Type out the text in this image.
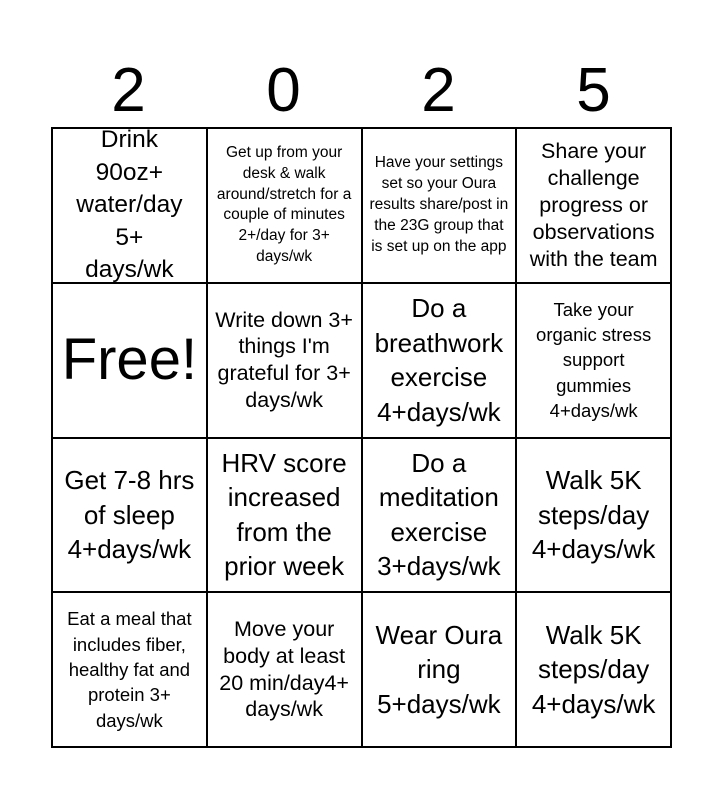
2	0	2	5
Drink 90oz+ water/day 5+ days/wk
Get up from your desk & walk around/stretch for a couple of minutes 2+/day for 3+ days/wk
Have your settings set so your Oura results share/post in the 23G group that is set up on the app
Share your challenge progress or observations with the team
Free!
Write down 3+ things I'm grateful for 3+ days/wk
Do a breathwork exercise 4+days/wk
Take your organic stress support gummies 4+days/wk
Get 7-8 hrs of sleep 4+days/wk
HRV score increased from the prior week
Do a meditation exercise 3+days/wk
Walk 5K steps/day 4+days/wk
Eat a meal that includes fiber, healthy fat and protein 3+ days/wk
Move your body at least 20 min/day4+ days/wk
Wear Oura ring 5+days/wk
Walk 5K steps/day 4+days/wk
